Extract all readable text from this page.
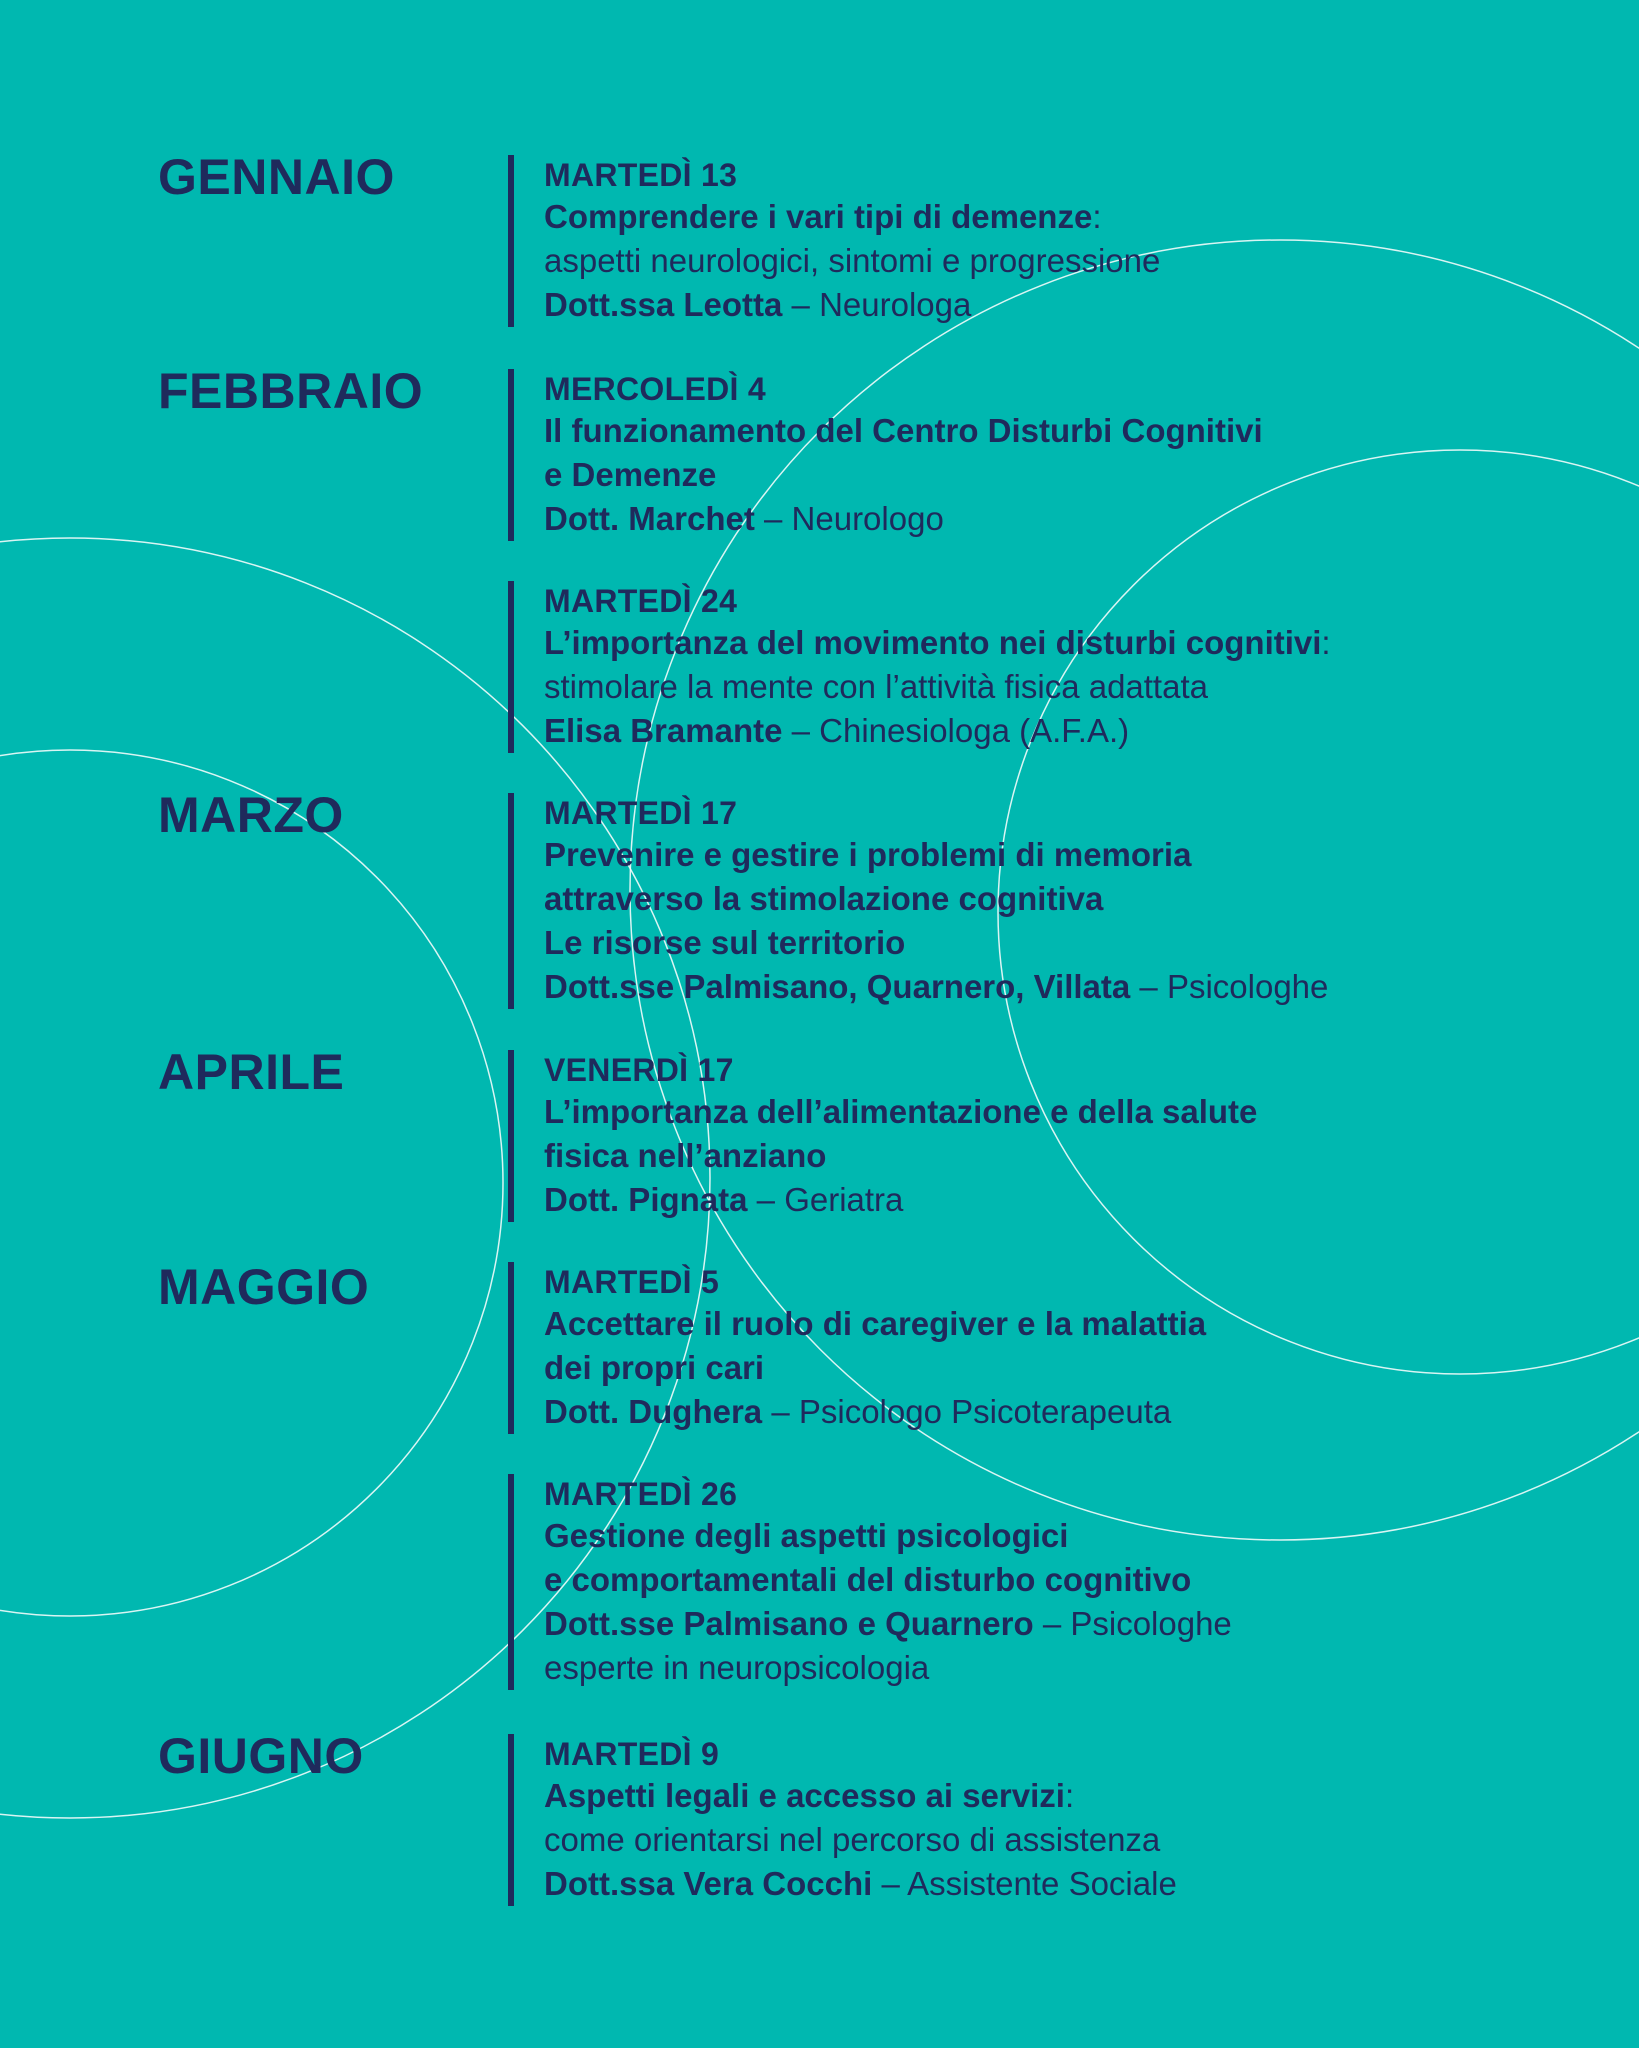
GENNAIO
FEBBRAIO
MARZO
APRILE
MAGGIO
GIUGNO
MARTEDÌ 13
Comprendere i vari tipi di demenze:
aspetti neurologici, sintomi e progressione
Dott.ssa Leotta – Neurologa
MERCOLEDÌ 4
Il funzionamento del Centro Disturbi Cognitivi
e Demenze
Dott. Marchet – Neurologo
MARTEDÌ 24
L’importanza del movimento nei disturbi cognitivi:
stimolare la mente con l’attività fisica adattata
Elisa Bramante – Chinesiologa (A.F.A.)
MARTEDÌ 17
Prevenire e gestire i problemi di memoria
attraverso la stimolazione cognitiva
Le risorse sul territorio
Dott.sse Palmisano, Quarnero, Villata – Psicologhe
VENERDÌ 17
L’importanza dell’alimentazione e della salute
fisica nell’anziano
Dott. Pignata – Geriatra
MARTEDÌ 5
Accettare il ruolo di caregiver e la malattia
dei propri cari
Dott. Dughera – Psicologo Psicoterapeuta
MARTEDÌ 26
Gestione degli aspetti psicologici
e comportamentali del disturbo cognitivo
Dott.sse Palmisano e Quarnero – Psicologhe
esperte in neuropsicologia
MARTEDÌ 9
Aspetti legali e accesso ai servizi:
come orientarsi nel percorso di assistenza
Dott.ssa Vera Cocchi – Assistente Sociale
